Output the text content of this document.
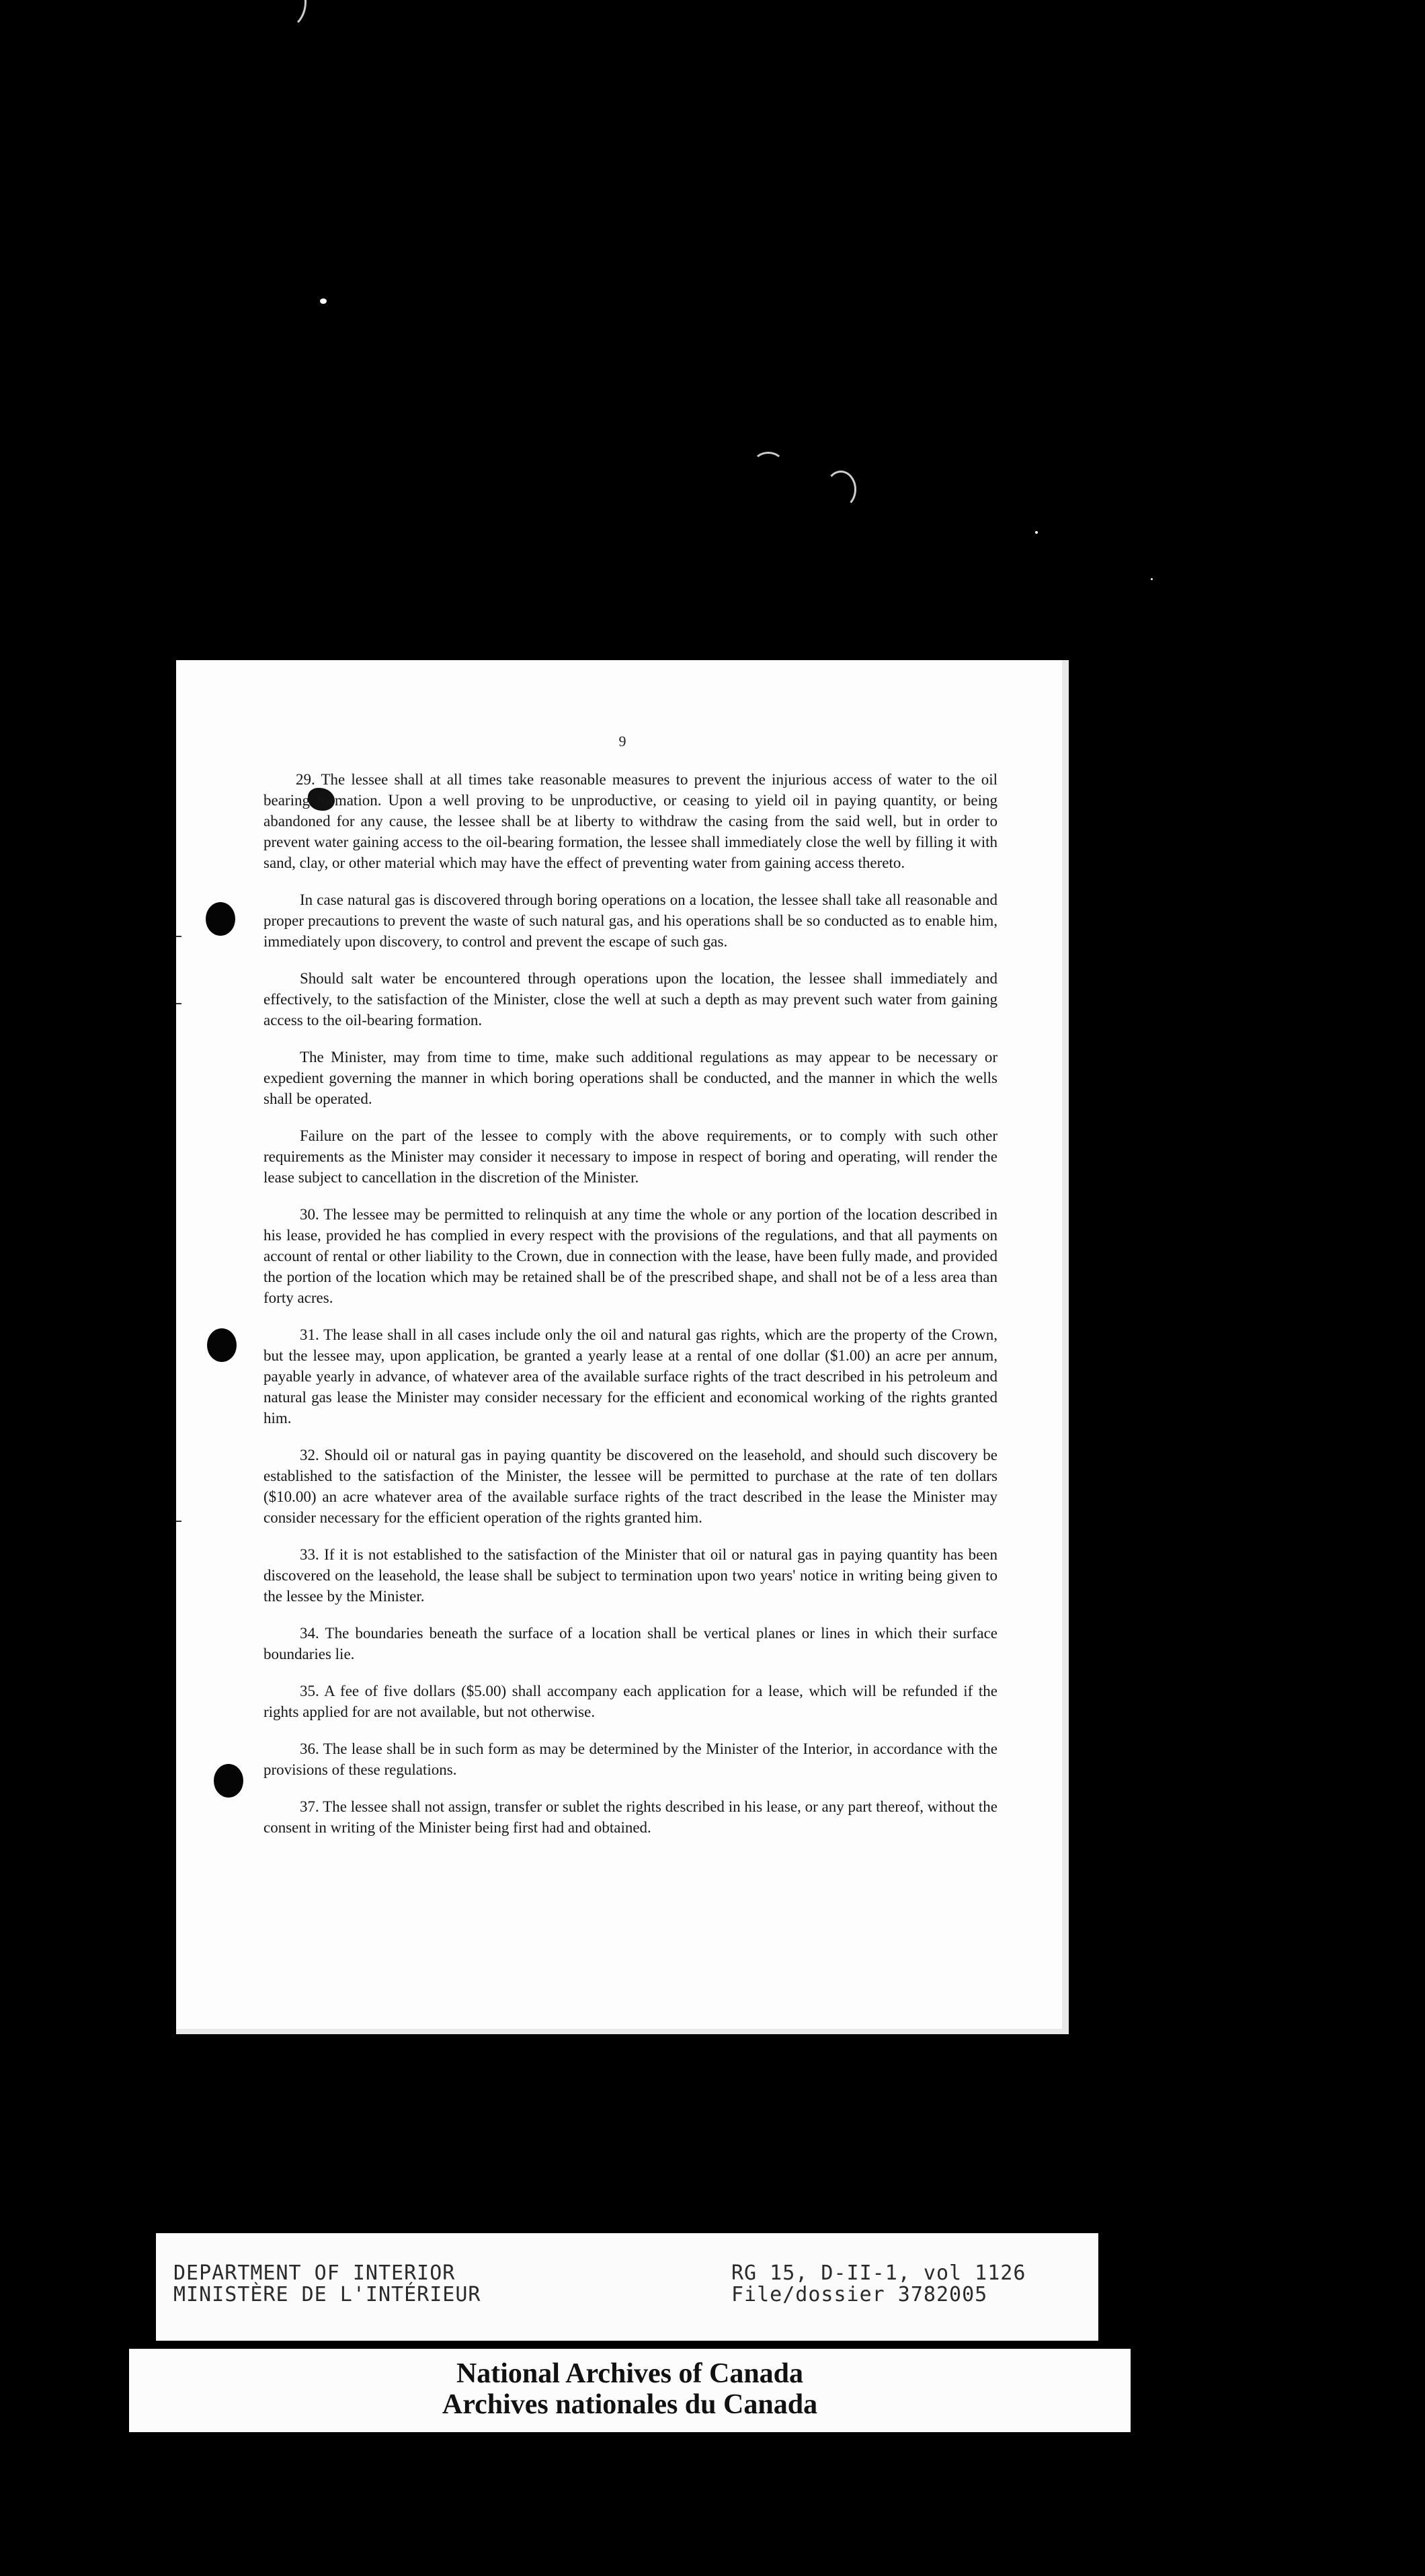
9

29. The lessee shall at all times take reasonable measures to prevent the injurious access of water to the oil bearing formation. Upon a well proving to be unproductive, or ceasing to yield oil in paying quantity, or being abandoned for any cause, the lessee shall be at liberty to withdraw the casing from the said well, but in order to prevent water gaining access to the oil-bearing formation, the lessee shall immediately close the well by filling it with sand, clay, or other material which may have the effect of preventing water from gaining access thereto.

In case natural gas is discovered through boring operations on a location, the lessee shall take all reasonable and proper precautions to prevent the waste of such natural gas, and his operations shall be so conducted as to enable him, immediately upon discovery, to control and prevent the escape of such gas.

Should salt water be encountered through operations upon the location, the lessee shall immediately and effectively, to the satisfaction of the Minister, close the well at such a depth as may prevent such water from gaining access to the oil-bearing formation.

The Minister, may from time to time, make such additional regulations as may appear to be necessary or expedient governing the manner in which boring operations shall be conducted, and the manner in which the wells shall be operated.

Failure on the part of the lessee to comply with the above requirements, or to comply with such other requirements as the Minister may consider it necessary to impose in respect of boring and operating, will render the lease subject to cancellation in the discretion of the Minister.

30. The lessee may be permitted to relinquish at any time the whole or any portion of the location described in his lease, provided he has complied in every respect with the provisions of the regulations, and that all payments on account of rental or other liability to the Crown, due in connection with the lease, have been fully made, and provided the portion of the location which may be retained shall be of the prescribed shape, and shall not be of a less area than forty acres.

31. The lease shall in all cases include only the oil and natural gas rights, which are the property of the Crown, but the lessee may, upon application, be granted a yearly lease at a rental of one dollar ($1.00) an acre per annum, payable yearly in advance, of whatever area of the available surface rights of the tract described in his petroleum and natural gas lease the Minister may consider necessary for the efficient and economical working of the rights granted him.

32. Should oil or natural gas in paying quantity be discovered on the leasehold, and should such discovery be established to the satisfaction of the Minister, the lessee will be permitted to purchase at the rate of ten dollars ($10.00) an acre whatever area of the available surface rights of the tract described in the lease the Minister may consider necessary for the efficient operation of the rights granted him.

33. If it is not established to the satisfaction of the Minister that oil or natural gas in paying quantity has been discovered on the leasehold, the lease shall be subject to termination upon two years' notice in writing being given to the lessee by the Minister.

34. The boundaries beneath the surface of a location shall be vertical planes or lines in which their surface boundaries lie.

35. A fee of five dollars ($5.00) shall accompany each application for a lease, which will be refunded if the rights applied for are not available, but not otherwise.

36. The lease shall be in such form as may be determined by the Minister of the Interior, in accordance with the provisions of these regulations.

37. The lessee shall not assign, transfer or sublet the rights described in his lease, or any part thereof, without the consent in writing of the Minister being first had and obtained.

DEPARTMENT OF INTERIOR
MINISTÈRE DE L'INTÉRIEUR
RG 15, D-II-1, vol 1126
File/dossier 3782005
National Archives of Canada
Archives nationales du Canada
